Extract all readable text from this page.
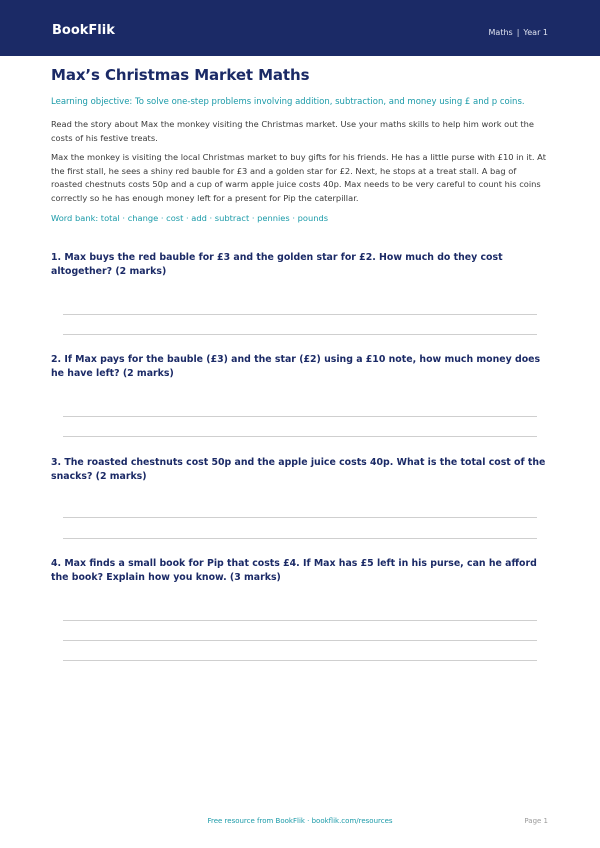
BookFlik	Maths | Year 1
Max’s Christmas Market Maths

Learning objective: To solve one-step problems involving addition, subtraction, and money using £ and p coins.

Read the story about Max the monkey visiting the Christmas market. Use your maths skills to help him work out the costs of his festive treats.

Max the monkey is visiting the local Christmas market to buy gifts for his friends. He has a little purse with £10 in it. At the first stall, he sees a shiny red bauble for £3 and a golden star for £2. Next, he stops at a treat stall. A bag of roasted chestnuts costs 50p and a cup of warm apple juice costs 40p. Max needs to be very careful to count his coins correctly so he has enough money left for a present for Pip the caterpillar.

Word bank: total · change · cost · add · subtract · pennies · pounds

1. Max buys the red bauble for £3 and the golden star for £2. How much do they cost altogether? (2 marks)
2. If Max pays for the bauble (£3) and the star (£2) using a £10 note, how much money does he have left? (2 marks)
3. The roasted chestnuts cost 50p and the apple juice costs 40p. What is the total cost of the snacks? (2 marks)
4. Max finds a small book for Pip that costs £4. If Max has £5 left in his purse, can he afford the book? Explain how you know. (3 marks)
Free resource from BookFlik · bookflik.com/resources	Page 1
